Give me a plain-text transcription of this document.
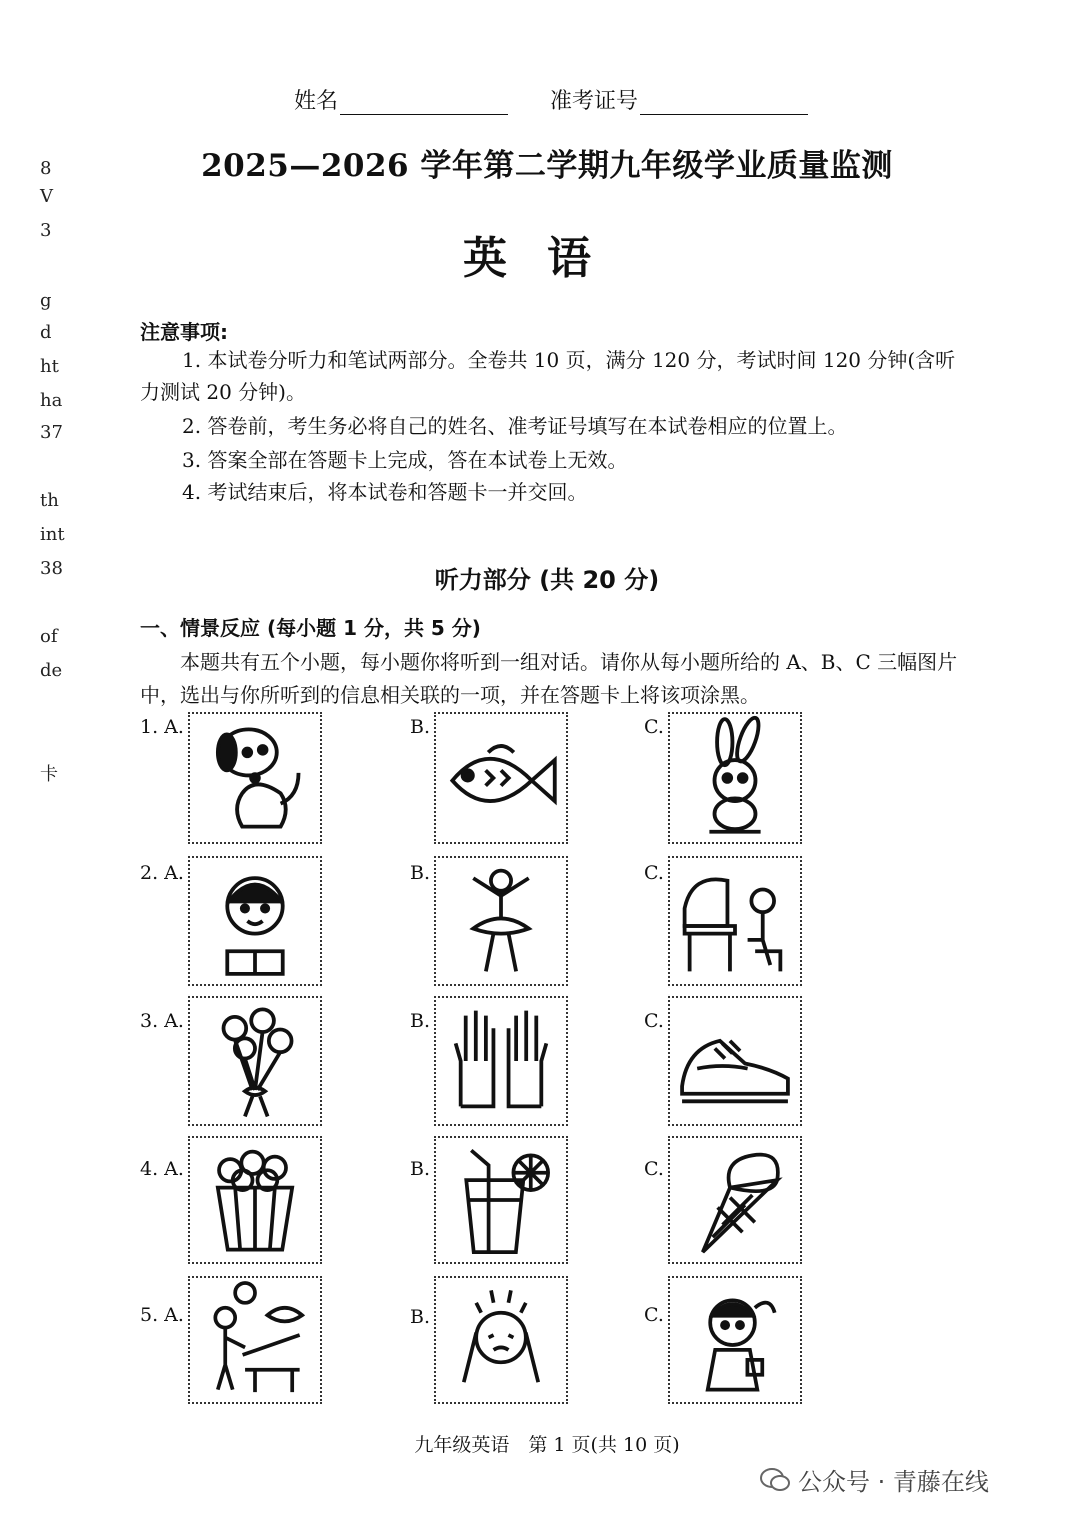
8
V
3
g
d
ht
ha
37
th
int
38
of
de
卡
姓名	准考证号
2025—2026 学年第二学期九年级学业质量监测
英语
注意事项:
1. 本试卷分听力和笔试两部分。全卷共 10 页，满分 120 分，考试时间 120 分钟(含听力测试 20 分钟)。
2. 答卷前，考生务必将自己的姓名、准考证号填写在本试卷相应的位置上。
3. 答案全部在答题卡上完成，答在本试卷上无效。
4. 考试结束后，将本试卷和答题卡一并交回。
听力部分 (共 20 分)
一、情景反应 (每小题 1 分，共 5 分)
本题共有五个小题，每小题你将听到一组对话。请你从每小题所给的 A、B、C 三幅图片中，选出与你所听到的信息相关联的一项，并在答题卡上将该项涂黑。
1. A.	B.	C.
2. A.	B.	C.
3. A.	B.	C.
4. A.	B.	C.
5. A.	B.	C.
九年级英语　第 1 页(共 10 页)
公众号 · 青藤在线
